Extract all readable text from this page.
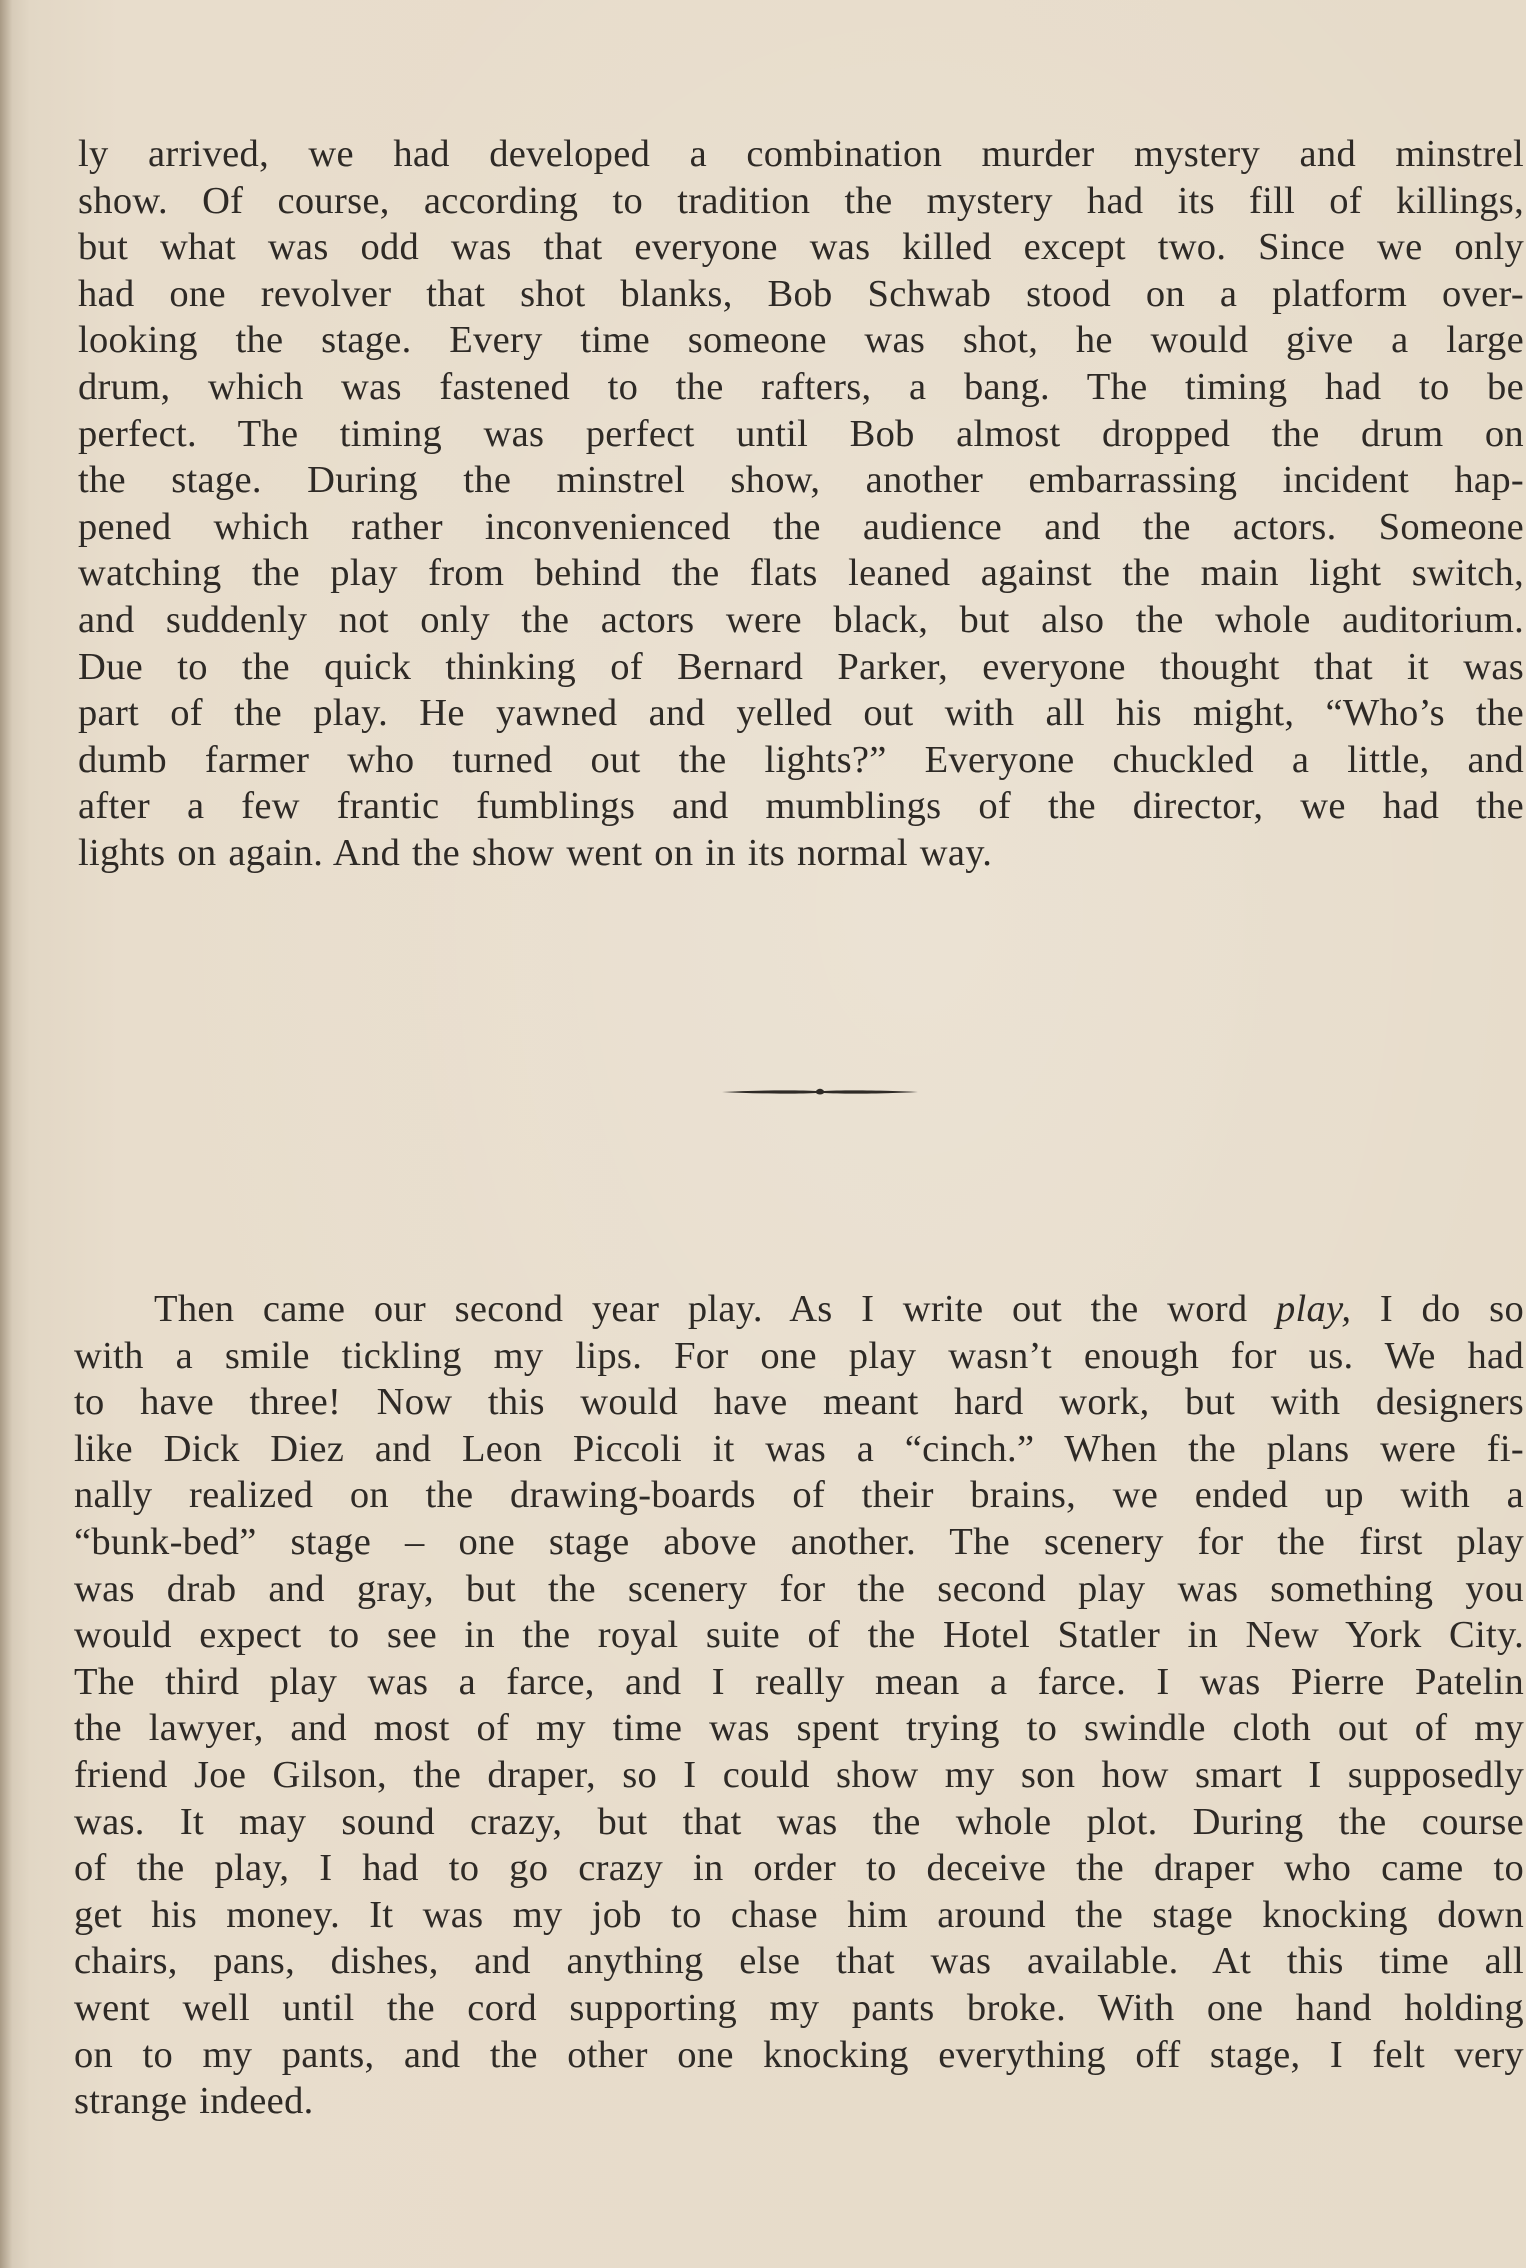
ly arrived, we had developed a combination murder mystery and minstrel
show. Of course, according to tradition the mystery had its fill of killings,
but what was odd was that everyone was killed except two. Since we only
had one revolver that shot blanks, Bob Schwab stood on a platform over-
looking the stage. Every time someone was shot, he would give a large
drum, which was fastened to the rafters, a bang. The timing had to be
perfect. The timing was perfect until Bob almost dropped the drum on
the stage. During the minstrel show, another embarrassing incident hap-
pened which rather inconvenienced the audience and the actors. Someone
watching the play from behind the flats leaned against the main light switch,
and suddenly not only the actors were black, but also the whole auditorium.
Due to the quick thinking of Bernard Parker, everyone thought that it was
part of the play. He yawned and yelled out with all his might, “Who’s the
dumb farmer who turned out the lights?” Everyone chuckled a little, and
after a few frantic fumblings and mumblings of the director, we had the
lights on again. And the show went on in its normal way.
Then came our second year play. As I write out the word play, I do so
with a smile tickling my lips. For one play wasn’t enough for us. We had
to have three! Now this would have meant hard work, but with designers
like Dick Diez and Leon Piccoli it was a “cinch.” When the plans were fi-
nally realized on the drawing-boards of their brains, we ended up with a
“bunk-bed” stage – one stage above another. The scenery for the first play
was drab and gray, but the scenery for the second play was something you
would expect to see in the royal suite of the Hotel Statler in New York City.
The third play was a farce, and I really mean a farce. I was Pierre Patelin
the lawyer, and most of my time was spent trying to swindle cloth out of my
friend Joe Gilson, the draper, so I could show my son how smart I supposedly
was. It may sound crazy, but that was the whole plot. During the course
of the play, I had to go crazy in order to deceive the draper who came to
get his money. It was my job to chase him around the stage knocking down
chairs, pans, dishes, and anything else that was available. At this time all
went well until the cord supporting my pants broke. With one hand holding
on to my pants, and the other one knocking everything off stage, I felt very
strange indeed.
